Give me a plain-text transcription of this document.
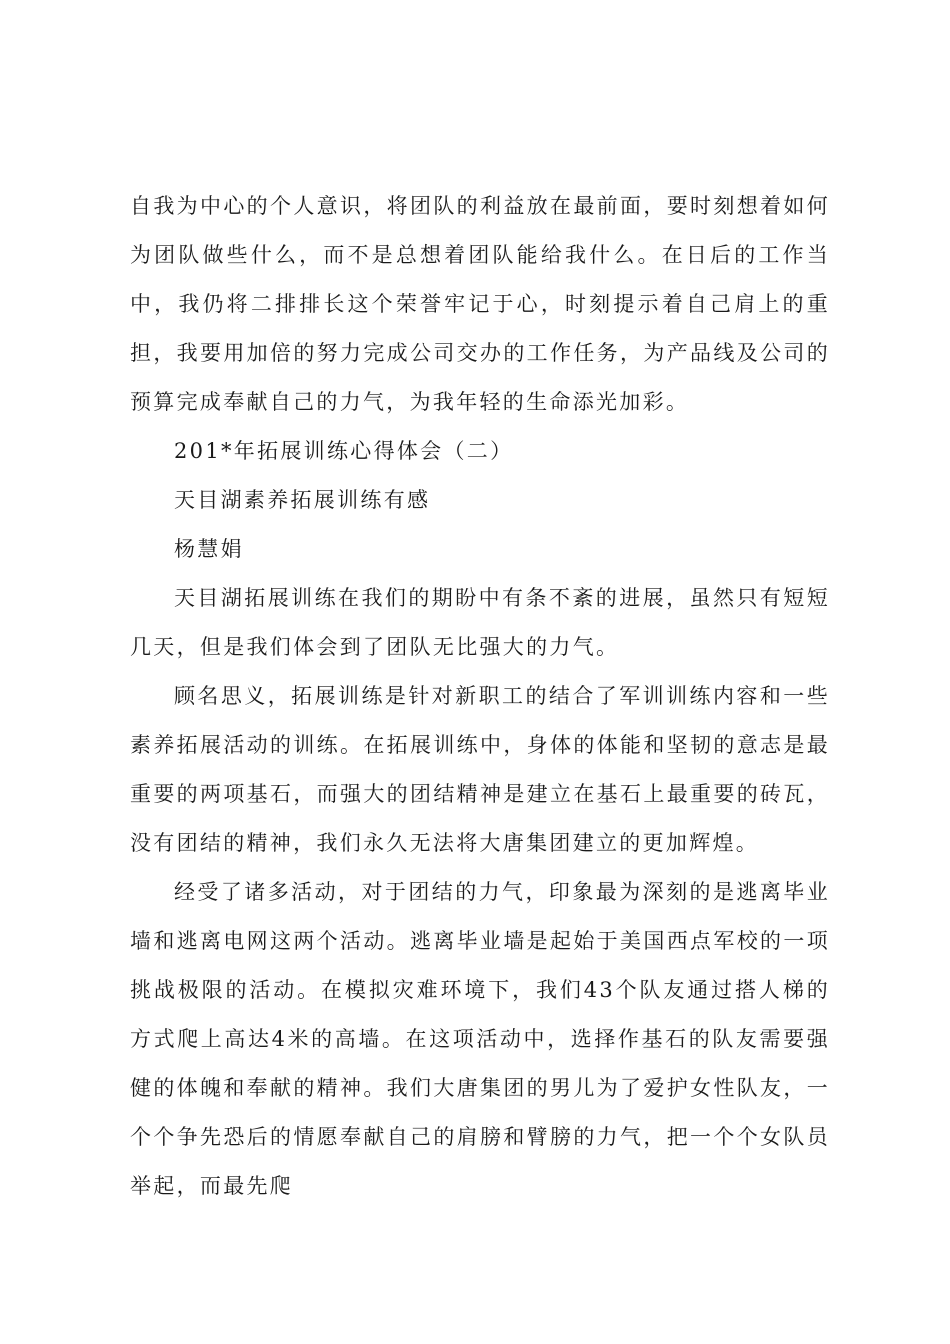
自我为中心的个人意识，将团队的利益放在最前面，要时刻想着如何为团队做些什么，而不是总想着团队能给我什么。在日后的工作当中，我仍将二排排长这个荣誉牢记于心，时刻提示着自己肩上的重担，我要用加倍的努力完成公司交办的工作任务，为产品线及公司的预算完成奉献自己的力气，为我年轻的生命添光加彩。

201*年拓展训练心得体会（二）

天目湖素养拓展训练有感

杨慧娟

天目湖拓展训练在我们的期盼中有条不紊的进展，虽然只有短短几天，但是我们体会到了团队无比强大的力气。

顾名思义，拓展训练是针对新职工的结合了军训训练内容和一些素养拓展活动的训练。在拓展训练中，身体的体能和坚韧的意志是最重要的两项基石，而强大的团结精神是建立在基石上最重要的砖瓦，没有团结的精神，我们永久无法将大唐集团建立的更加辉煌。

经受了诸多活动，对于团结的力气，印象最为深刻的是逃离毕业墙和逃离电网这两个活动。逃离毕业墙是起始于美国西点军校的一项挑战极限的活动。在模拟灾难环境下，我们43个队友通过搭人梯的方式爬上高达4米的高墙。在这项活动中，选择作基石的队友需要强健的体魄和奉献的精神。我们大唐集团的男儿为了爱护女性队友，一个个争先恐后的情愿奉献自己的肩膀和臂膀的力气，把一个个女队员举起，而最先爬
